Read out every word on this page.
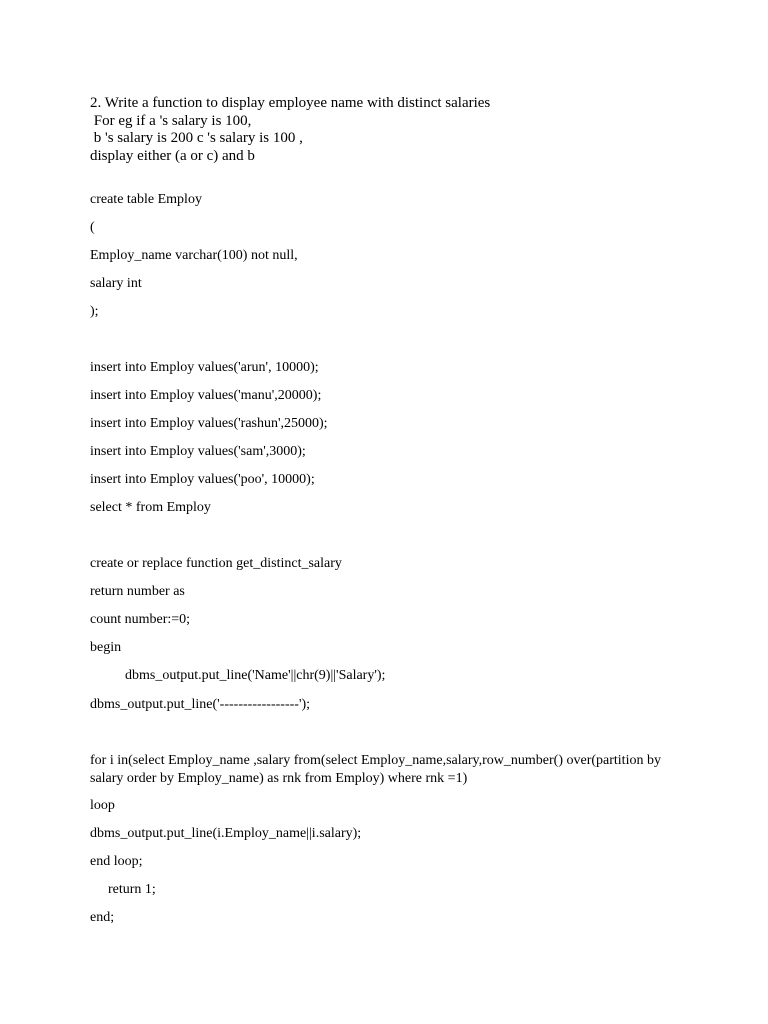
2. Write a function to display employee name with distinct salaries
For eg if a 's salary is 100,
b 's salary is 200 c 's salary is 100 ,
display either (a or c) and b
create table Employ
(
Employ_name varchar(100) not null,
salary int
);
insert into Employ values('arun', 10000);
insert into Employ values('manu',20000);
insert into Employ values('rashun',25000);
insert into Employ values('sam',3000);
insert into Employ values('poo', 10000);
select * from Employ
create or replace function get_distinct_salary
return number as
count number:=0;
begin
dbms_output.put_line('Name'||chr(9)||'Salary');
dbms_output.put_line('-----------------');
for i in(select Employ_name ,salary from(select Employ_name,salary,row_number() over(partition by salary order by Employ_name) as rnk from Employ) where rnk =1)
loop
dbms_output.put_line(i.Employ_name||i.salary);
end loop;
return 1;
end;
